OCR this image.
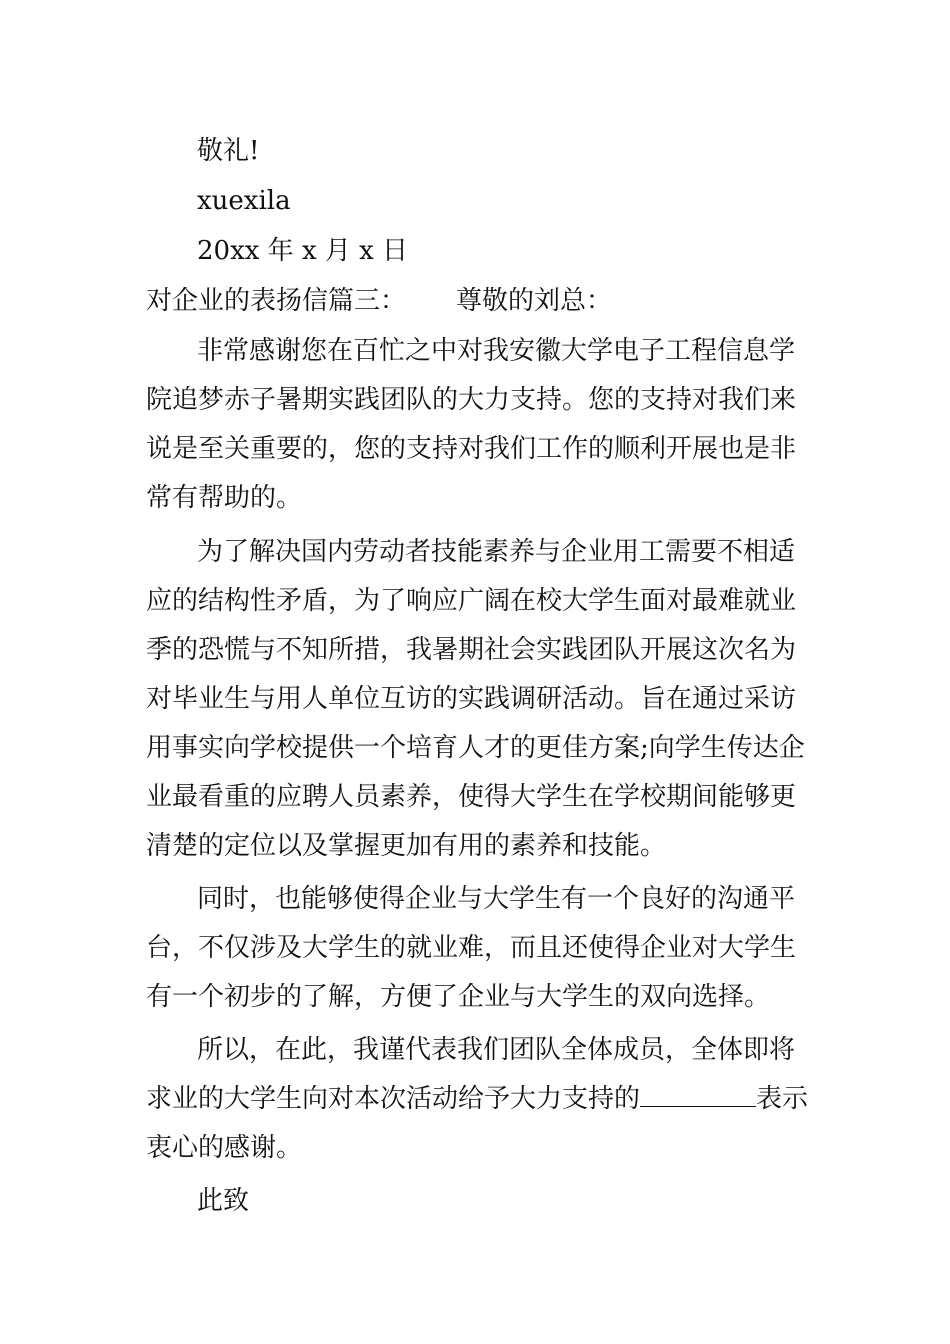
敬礼!
xuexila
20xx 年 x 月 x 日
对企业的表扬信篇三： 尊敬的刘总：
非常感谢您在百忙之中对我安徽大学电子工程信息学
院追梦赤子暑期实践团队的大力支持。您的支持对我们来
说是至关重要的，您的支持对我们工作的顺利开展也是非
常有帮助的。
为了解决国内劳动者技能素养与企业用工需要不相适
应的结构性矛盾，为了响应广阔在校大学生面对最难就业
季的恐慌与不知所措，我暑期社会实践团队开展这次名为
对毕业生与用人单位互访的实践调研活动。旨在通过采访
用事实向学校提供一个培育人才的更佳方案;向学生传达企
业最看重的应聘人员素养，使得大学生在学校期间能够更
清楚的定位以及掌握更加有用的素养和技能。
同时，也能够使得企业与大学生有一个良好的沟通平
台，不仅涉及大学生的就业难，而且还使得企业对大学生
有一个初步的了解，方便了企业与大学生的双向选择。
所以，在此，我谨代表我们团队全体成员，全体即将
求业的大学生向对本次活动给予大力支持的	表示
衷心的感谢。
此致
